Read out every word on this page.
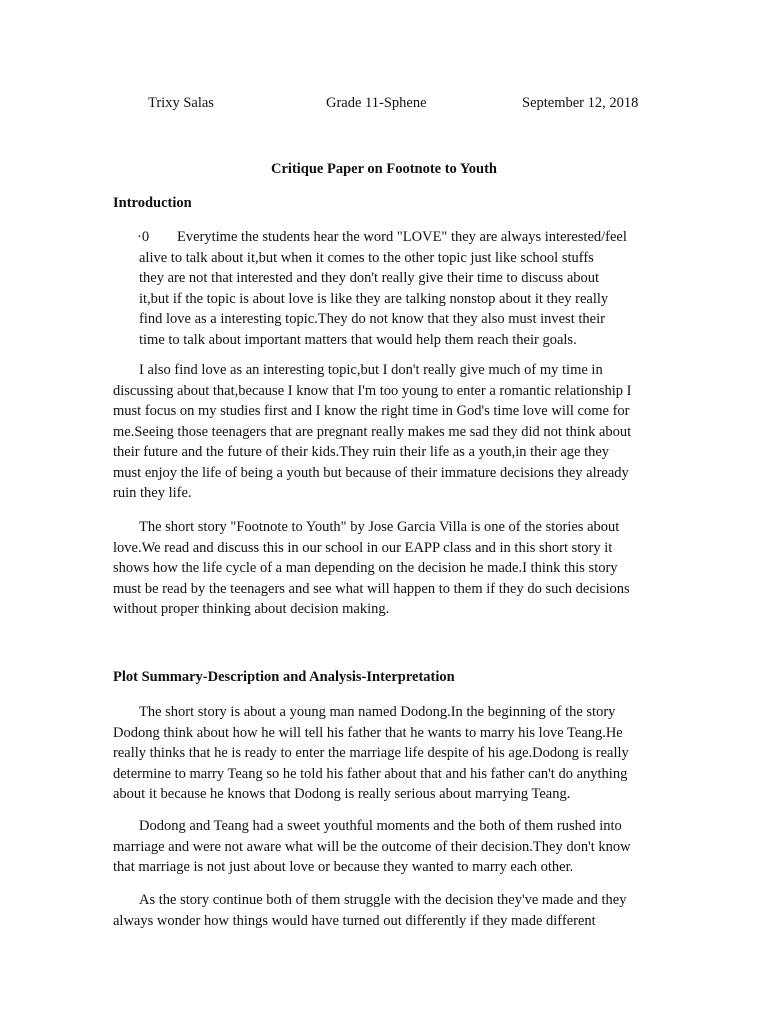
Trixy Salas	Grade 11-Sphene	September 12, 2018
Critique Paper on Footnote to Youth
Introduction
·0 Everytime the students hear the word "LOVE" they are always interested/feel
alive to talk about it,but when it comes to the other topic just like school stuffs
they are not that interested and they don't really give their time to discuss about
it,but if the topic is about love is like they are talking nonstop about it they really
find love as a interesting topic.They do not know that they also must invest their
time to talk about important matters that would help them reach their goals.
I also find love as an interesting topic,but I don't really give much of my time in
discussing about that,because I know that I'm too young to enter a romantic relationship I
must focus on my studies first and I know the right time in God's time love will come for
me.Seeing those teenagers that are pregnant really makes me sad they did not think about
their future and the future of their kids.They ruin their life as a youth,in their age they
must enjoy the life of being a youth but because of their immature decisions they already
ruin they life.
The short story "Footnote to Youth" by Jose Garcia Villa is one of the stories about
love.We read and discuss this in our school in our EAPP class and in this short story it
shows how the life cycle of a man depending on the decision he made.I think this story
must be read by the teenagers and see what will happen to them if they do such decisions
without proper thinking about decision making.
Plot Summary-Description and Analysis-Interpretation
The short story is about a young man named Dodong.In the beginning of the story
Dodong think about how he will tell his father that he wants to marry his love Teang.He
really thinks that he is ready to enter the marriage life despite of his age.Dodong is really
determine to marry Teang so he told his father about that and his father can't do anything
about it because he knows that Dodong is really serious about marrying Teang.
Dodong and Teang had a sweet youthful moments and the both of them rushed into
marriage and were not aware what will be the outcome of their decision.They don't know
that marriage is not just about love or because they wanted to marry each other.
As the story continue both of them struggle with the decision they've made and they
always wonder how things would have turned out differently if they made different
